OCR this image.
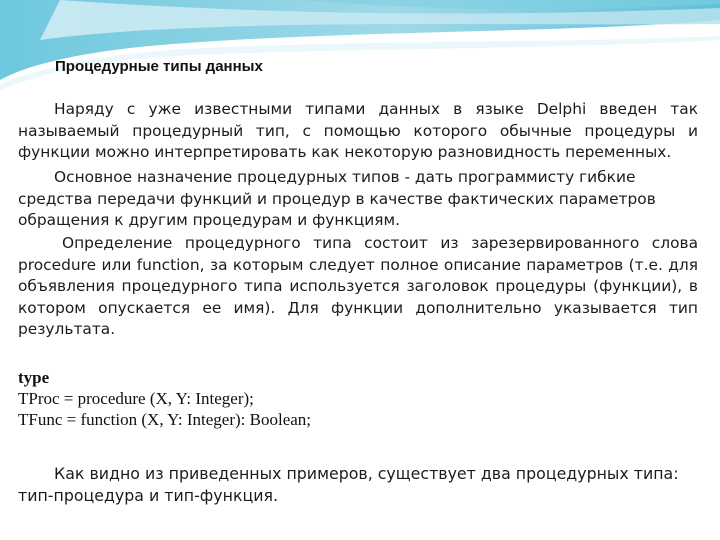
Процедурные типы данных

Наряду с уже известными типами данных в языке Delphi введен так называемый процедурный тип, с помощью которого обычные процедуры и функции можно интерпретировать как некоторую разновидность переменных.

Основное назначение процедурных типов - дать программисту гибкие средства передачи функций и процедур в качестве фактических параметров обращения к другим процедурам и функциям.

Определение процедурного типа состоит из зарезервированного слова procedure или function, за которым следует полное описание параметров (т.е. для объявления процедурного типа используется заголовок процедуры (функции), в котором опускается ее имя). Для функции дополнительно указывается тип результата.

type
TProc = procedure (X, Y: Integer);
TFunc = function (X, Y: Integer): Boolean;

Как видно из приведенных примеров, существует два процедурных типа: тип-процедура и тип-функция.
